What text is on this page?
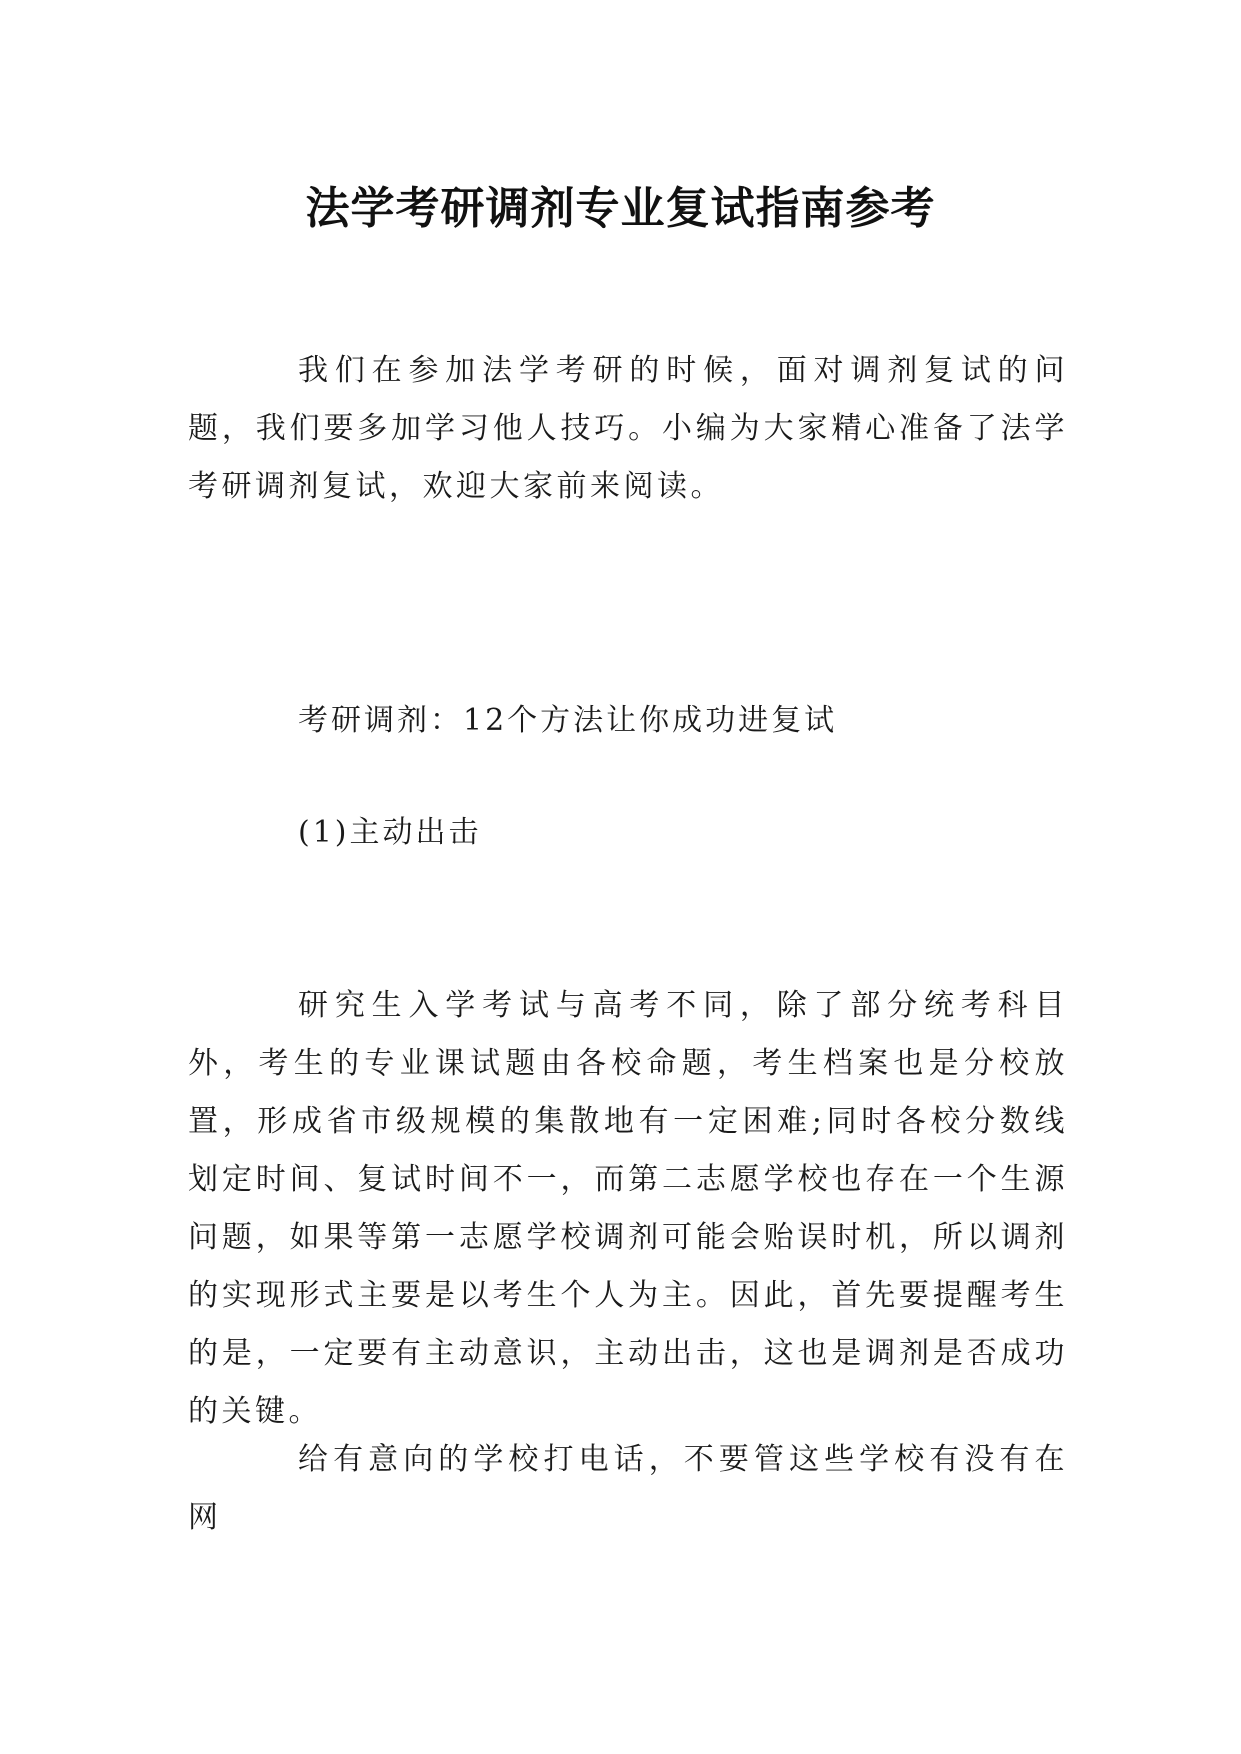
法学考研调剂专业复试指南参考

我们在参加法学考研的时候，面对调剂复试的问题，我们要多加学习他人技巧。小编为大家精心准备了法学考研调剂复试，欢迎大家前来阅读。

考研调剂：12个方法让你成功进复试

(1)主动出击

研究生入学考试与高考不同，除了部分统考科目外，考生的专业课试题由各校命题，考生档案也是分校放置，形成省市级规模的集散地有一定困难;同时各校分数线划定时间、复试时间不一，而第二志愿学校也存在一个生源问题，如果等第一志愿学校调剂可能会贻误时机，所以调剂的实现形式主要是以考生个人为主。因此，首先要提醒考生的是，一定要有主动意识，主动出击，这也是调剂是否成功的关键。

给有意向的学校打电话，不要管这些学校有没有在网
